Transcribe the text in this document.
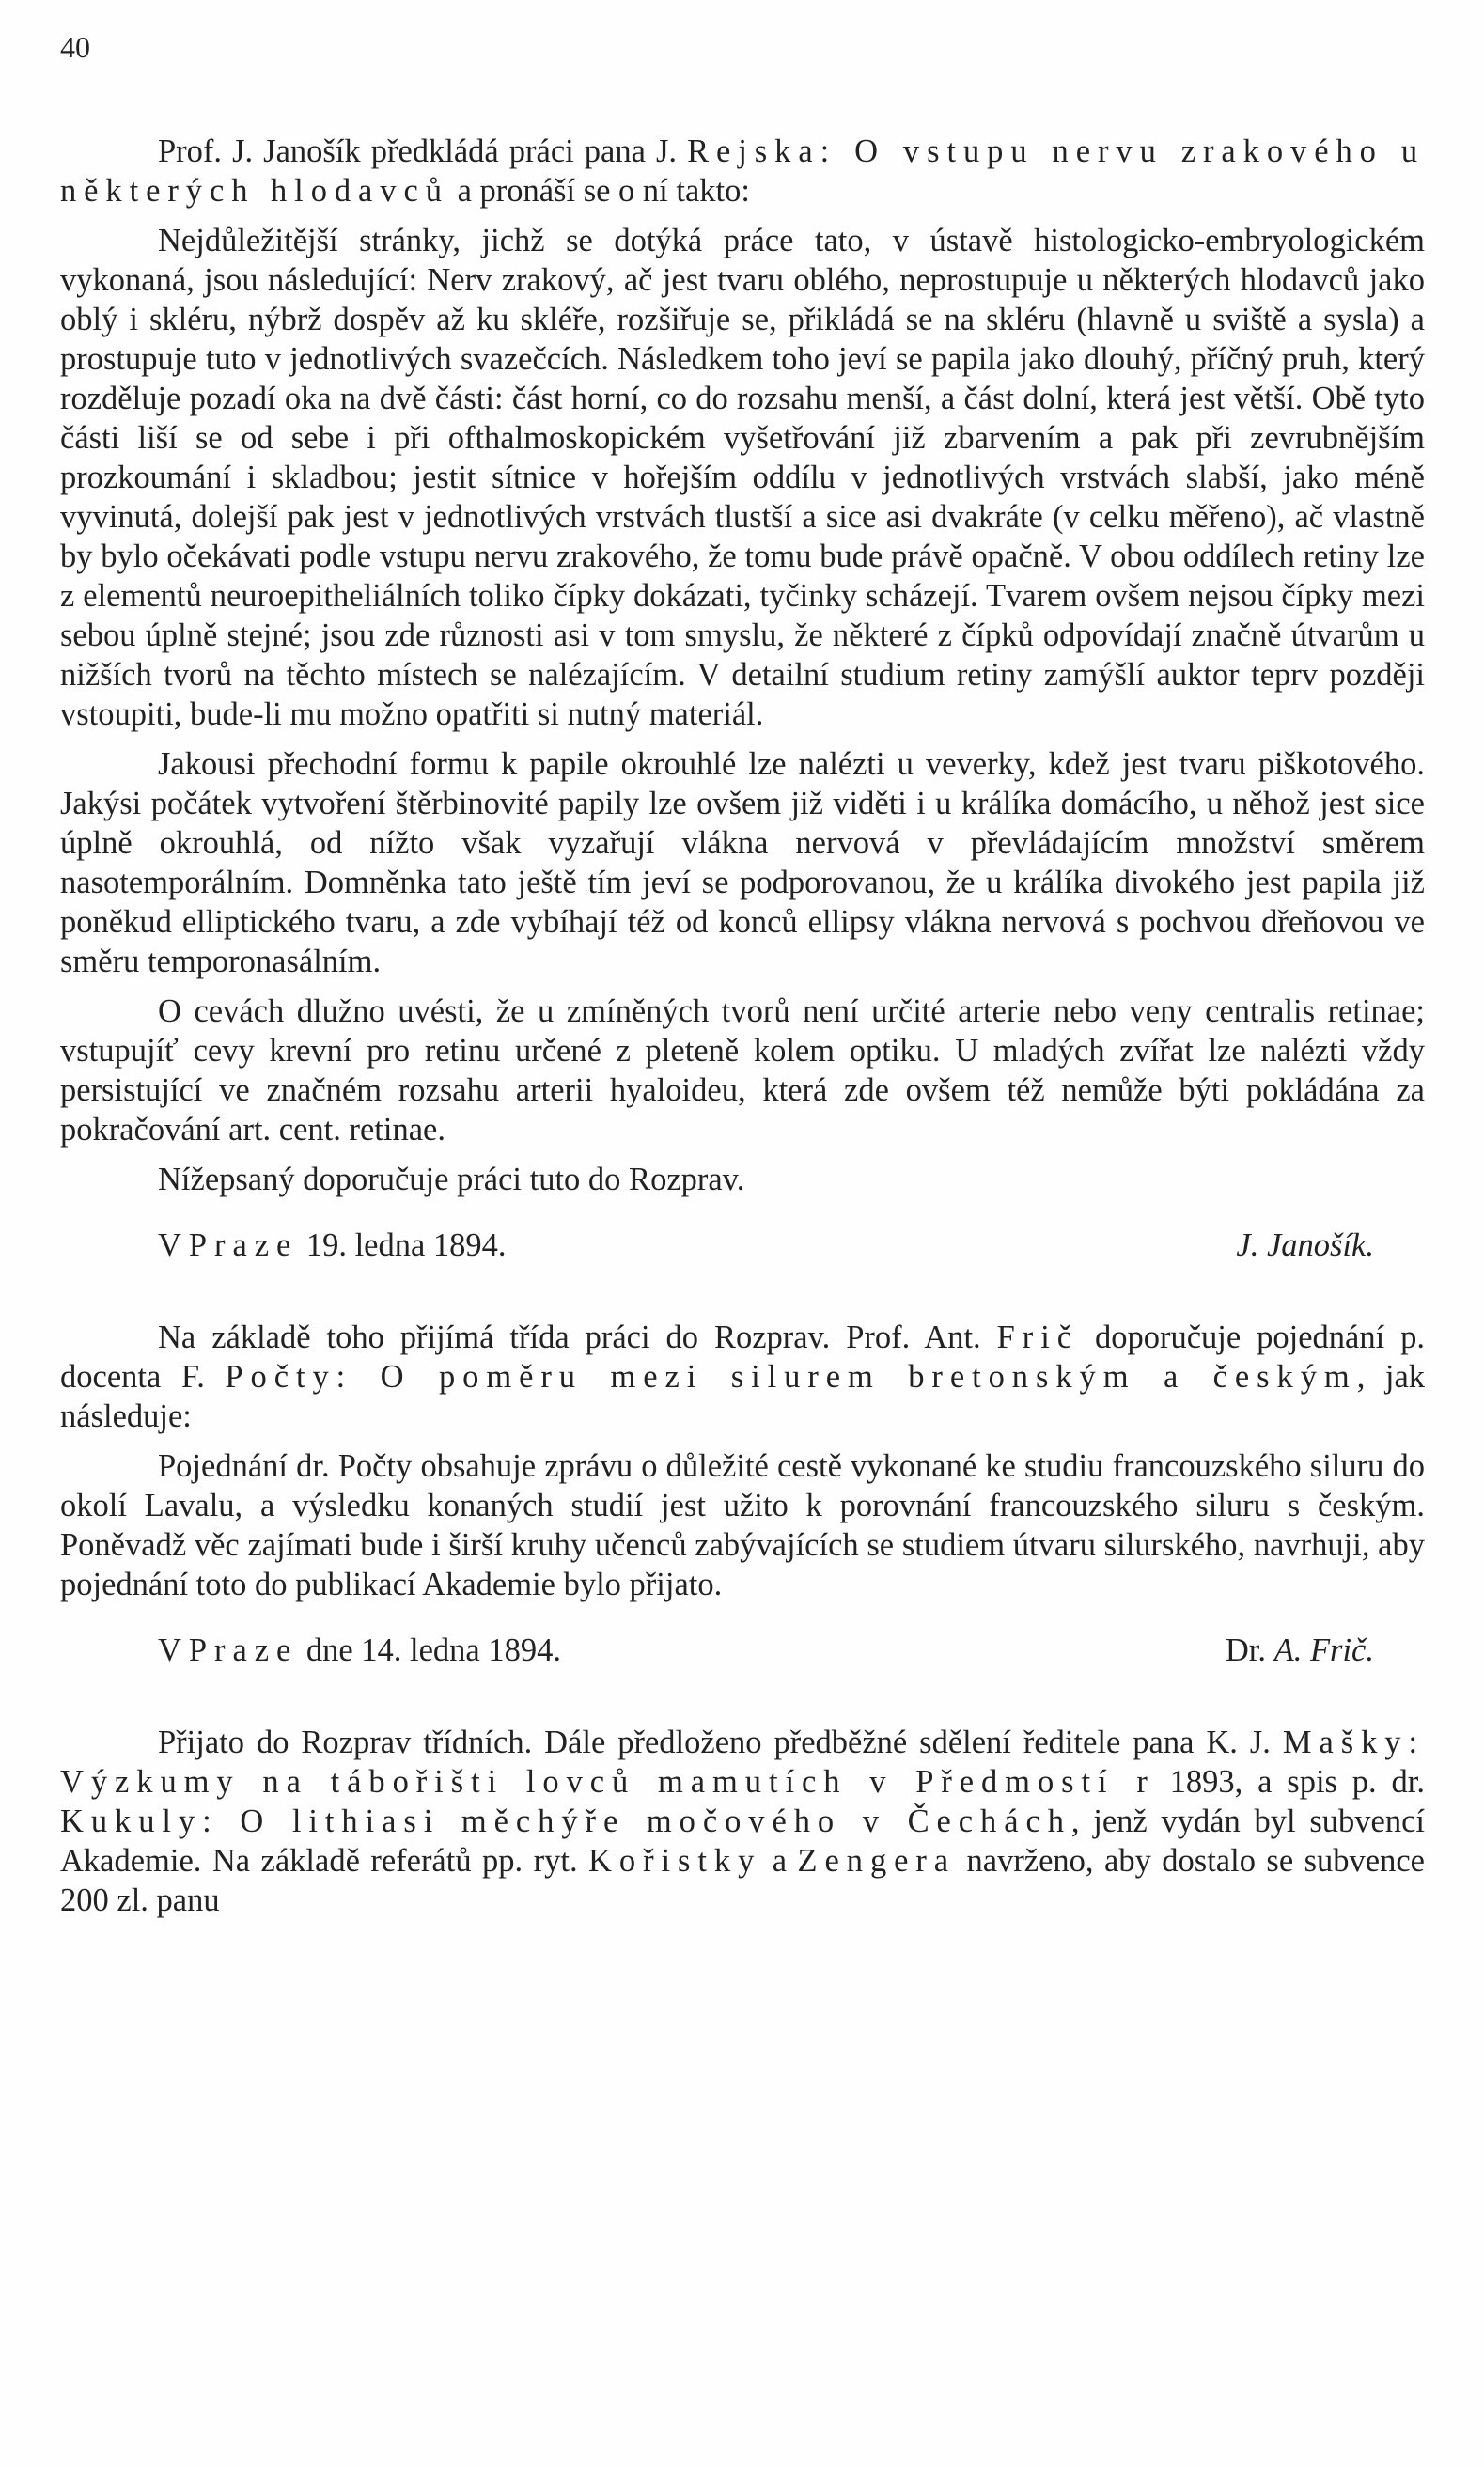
40

Prof. J. Janošík předkládá práci pana J. Rejska: O vstupu nervu zrakového u některých hlodavců a pronáší se o ní takto:

Nejdůležitější stránky, jichž se dotýká práce tato, v ústavě histologicko-embryologickém vykonaná, jsou následující: Nerv zrakový, ač jest tvaru oblého, neprostupuje u některých hlodavců jako oblý i skléru, nýbrž dospěv až ku skléře, rozšiřuje se, přikládá se na skléru (hlavně u sviště a sysla) a prostupuje tuto v jednotlivých svazečcích. Následkem toho jeví se papila jako dlouhý, příčný pruh, který rozděluje pozadí oka na dvě části: část horní, co do rozsahu menší, a část dolní, která jest větší. Obě tyto části liší se od sebe i při ofthalmoskopickém vyšetřování již zbarvením a pak při zevrubnějším prozkoumání i skladbou; jestit sítnice v hořejším oddílu v jednotlivých vrstvách slabší, jako méně vyvinutá, dolejší pak jest v jednotlivých vrstvách tlustší a sice asi dvakráte (v celku měřeno), ač vlastně by bylo očekávati podle vstupu nervu zrakového, že tomu bude právě opačně. V obou oddílech retiny lze z elementů neuroepitheliálních toliko čípky dokázati, tyčinky scházejí. Tvarem ovšem nejsou čípky mezi sebou úplně stejné; jsou zde různosti asi v tom smyslu, že některé z čípků odpovídají značně útvarům u nižších tvorů na těchto místech se nalézajícím. V detailní studium retiny zamýšlí auktor teprv později vstoupiti, bude-li mu možno opatřiti si nutný materiál.

Jakousi přechodní formu k papile okrouhlé lze nalézti u veverky, kdež jest tvaru piškotového. Jakýsi počátek vytvoření štěrbinovité papily lze ovšem již viděti i u králíka domácího, u něhož jest sice úplně okrouhlá, od nížto však vyzařují vlákna nervová v převládajícím množství směrem nasotemporálním. Domněnka tato ještě tím jeví se podporovanou, že u králíka divokého jest papila již poněkud elliptického tvaru, a zde vybíhají též od konců ellipsy vlákna nervová s pochvou dřeňovou ve směru temporonasálním.

O cevách dlužno uvésti, že u zmíněných tvorů není určité arterie nebo veny centralis retinae; vstupujíť cevy krevní pro retinu určené z pleteně kolem optiku. U mladých zvířat lze nalézti vždy persistující ve značném rozsahu arterii hyaloideu, která zde ovšem též nemůže býti pokládána za pokračování art. cent. retinae.

Nížepsaný doporučuje práci tuto do Rozprav.

V Praze 19. ledna 1894.	J. Janošík.

Na základě toho přijímá třída práci do Rozprav. Prof. Ant. Frič doporučuje pojednání p. docenta F. Počty: O poměru mezi silurem bretonským a českým, jak následuje:

Pojednání dr. Počty obsahuje zprávu o důležité cestě vykonané ke studiu francouzského siluru do okolí Lavalu, a výsledku konaných studií jest užito k porovnání francouzského siluru s českým. Poněvadž věc zajímati bude i širší kruhy učenců zabývajících se studiem útvaru silurského, navrhuji, aby pojednání toto do publikací Akademie bylo přijato.

V Praze dne 14. ledna 1894.	Dr. A. Frič.

Přijato do Rozprav třídních. Dále předloženo předběžné sdělení ředitele pana K. J. Mašky: Výzkumy na tábořišti lovců mamutích v Předmostí r 1893, a spis p. dr. Kukuly: O lithiasi měchýře močového v Čechách, jenž vydán byl subvencí Akademie. Na základě referátů pp. ryt. Kořistky a Zengera navrženo, aby dostalo se subvence 200 zl. panu
